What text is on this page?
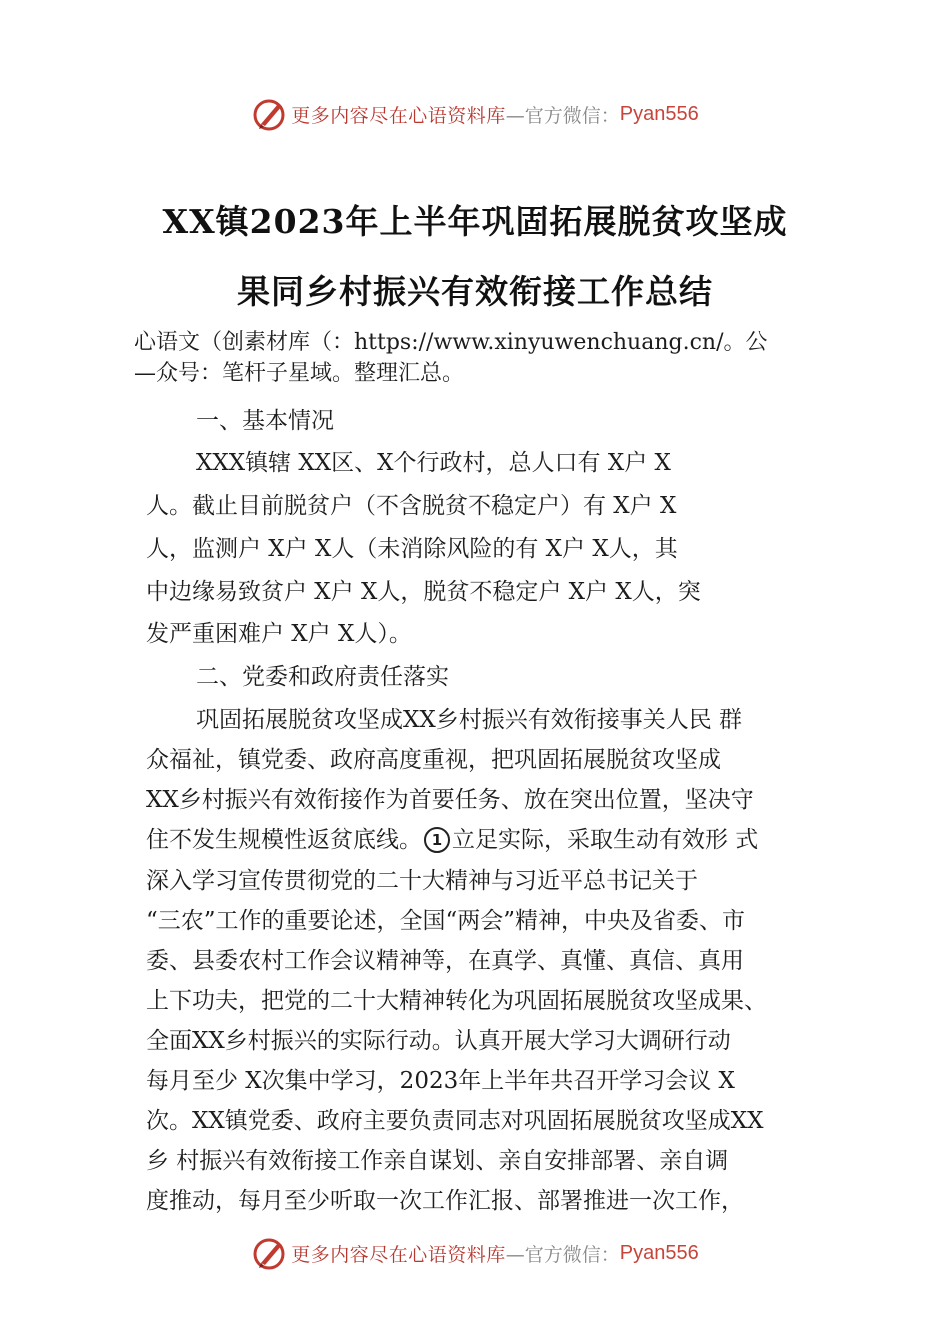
更多内容尽在心语资料库 —官方微信： Pyan556
XX镇2023年上半年巩固拓展脱贫攻坚成
果同乡村振兴有效衔接工作总结
心语文（创素材库（：https://www.xinyuwenchuang.cn/。公
—众号：笔杆子星域。整理汇总。
一、基本情况
XXX镇辖 XX区、X个行政村，总人口有 X户 X
人。截止目前脱贫户（不含脱贫不稳定户）有 X户 X
人，监测户 X户 X人（未消除风险的有 X户 X人，其
中边缘易致贫户 X户 X人，脱贫不稳定户 X户 X人，突
发严重困难户 X户 X人）。
二、党委和政府责任落实
巩固拓展脱贫攻坚成XX乡村振兴有效衔接事关人民 群
众福祉，镇党委、政府高度重视，把巩固拓展脱贫攻坚成
XX乡村振兴有效衔接作为首要任务、放在突出位置，坚决守
住不发生规模性返贫底线。 1 立足实际，采取生动有效形 式
深入学习宣传贯彻党的二十大精神与习近平总书记关于
“三农”工作的重要论述，全国“两会”精神，中央及省委、市
委、县委农村工作会议精神等，在真学、真懂、真信、真用
上下功夫，把党的二十大精神转化为巩固拓展脱贫攻坚成果、
全面XX乡村振兴的实际行动。认真开展大学习大调研行动
每月至少 X次集中学习，2023年上半年共召开学习会议 X
次。XX镇党委、政府主要负责同志对巩固拓展脱贫攻坚成XX
乡 村振兴有效衔接工作亲自谋划、亲自安排部署、亲自调
度推动，每月至少听取一次工作汇报、部署推进一次工作，
更多内容尽在心语资料库 —官方微信： Pyan556
